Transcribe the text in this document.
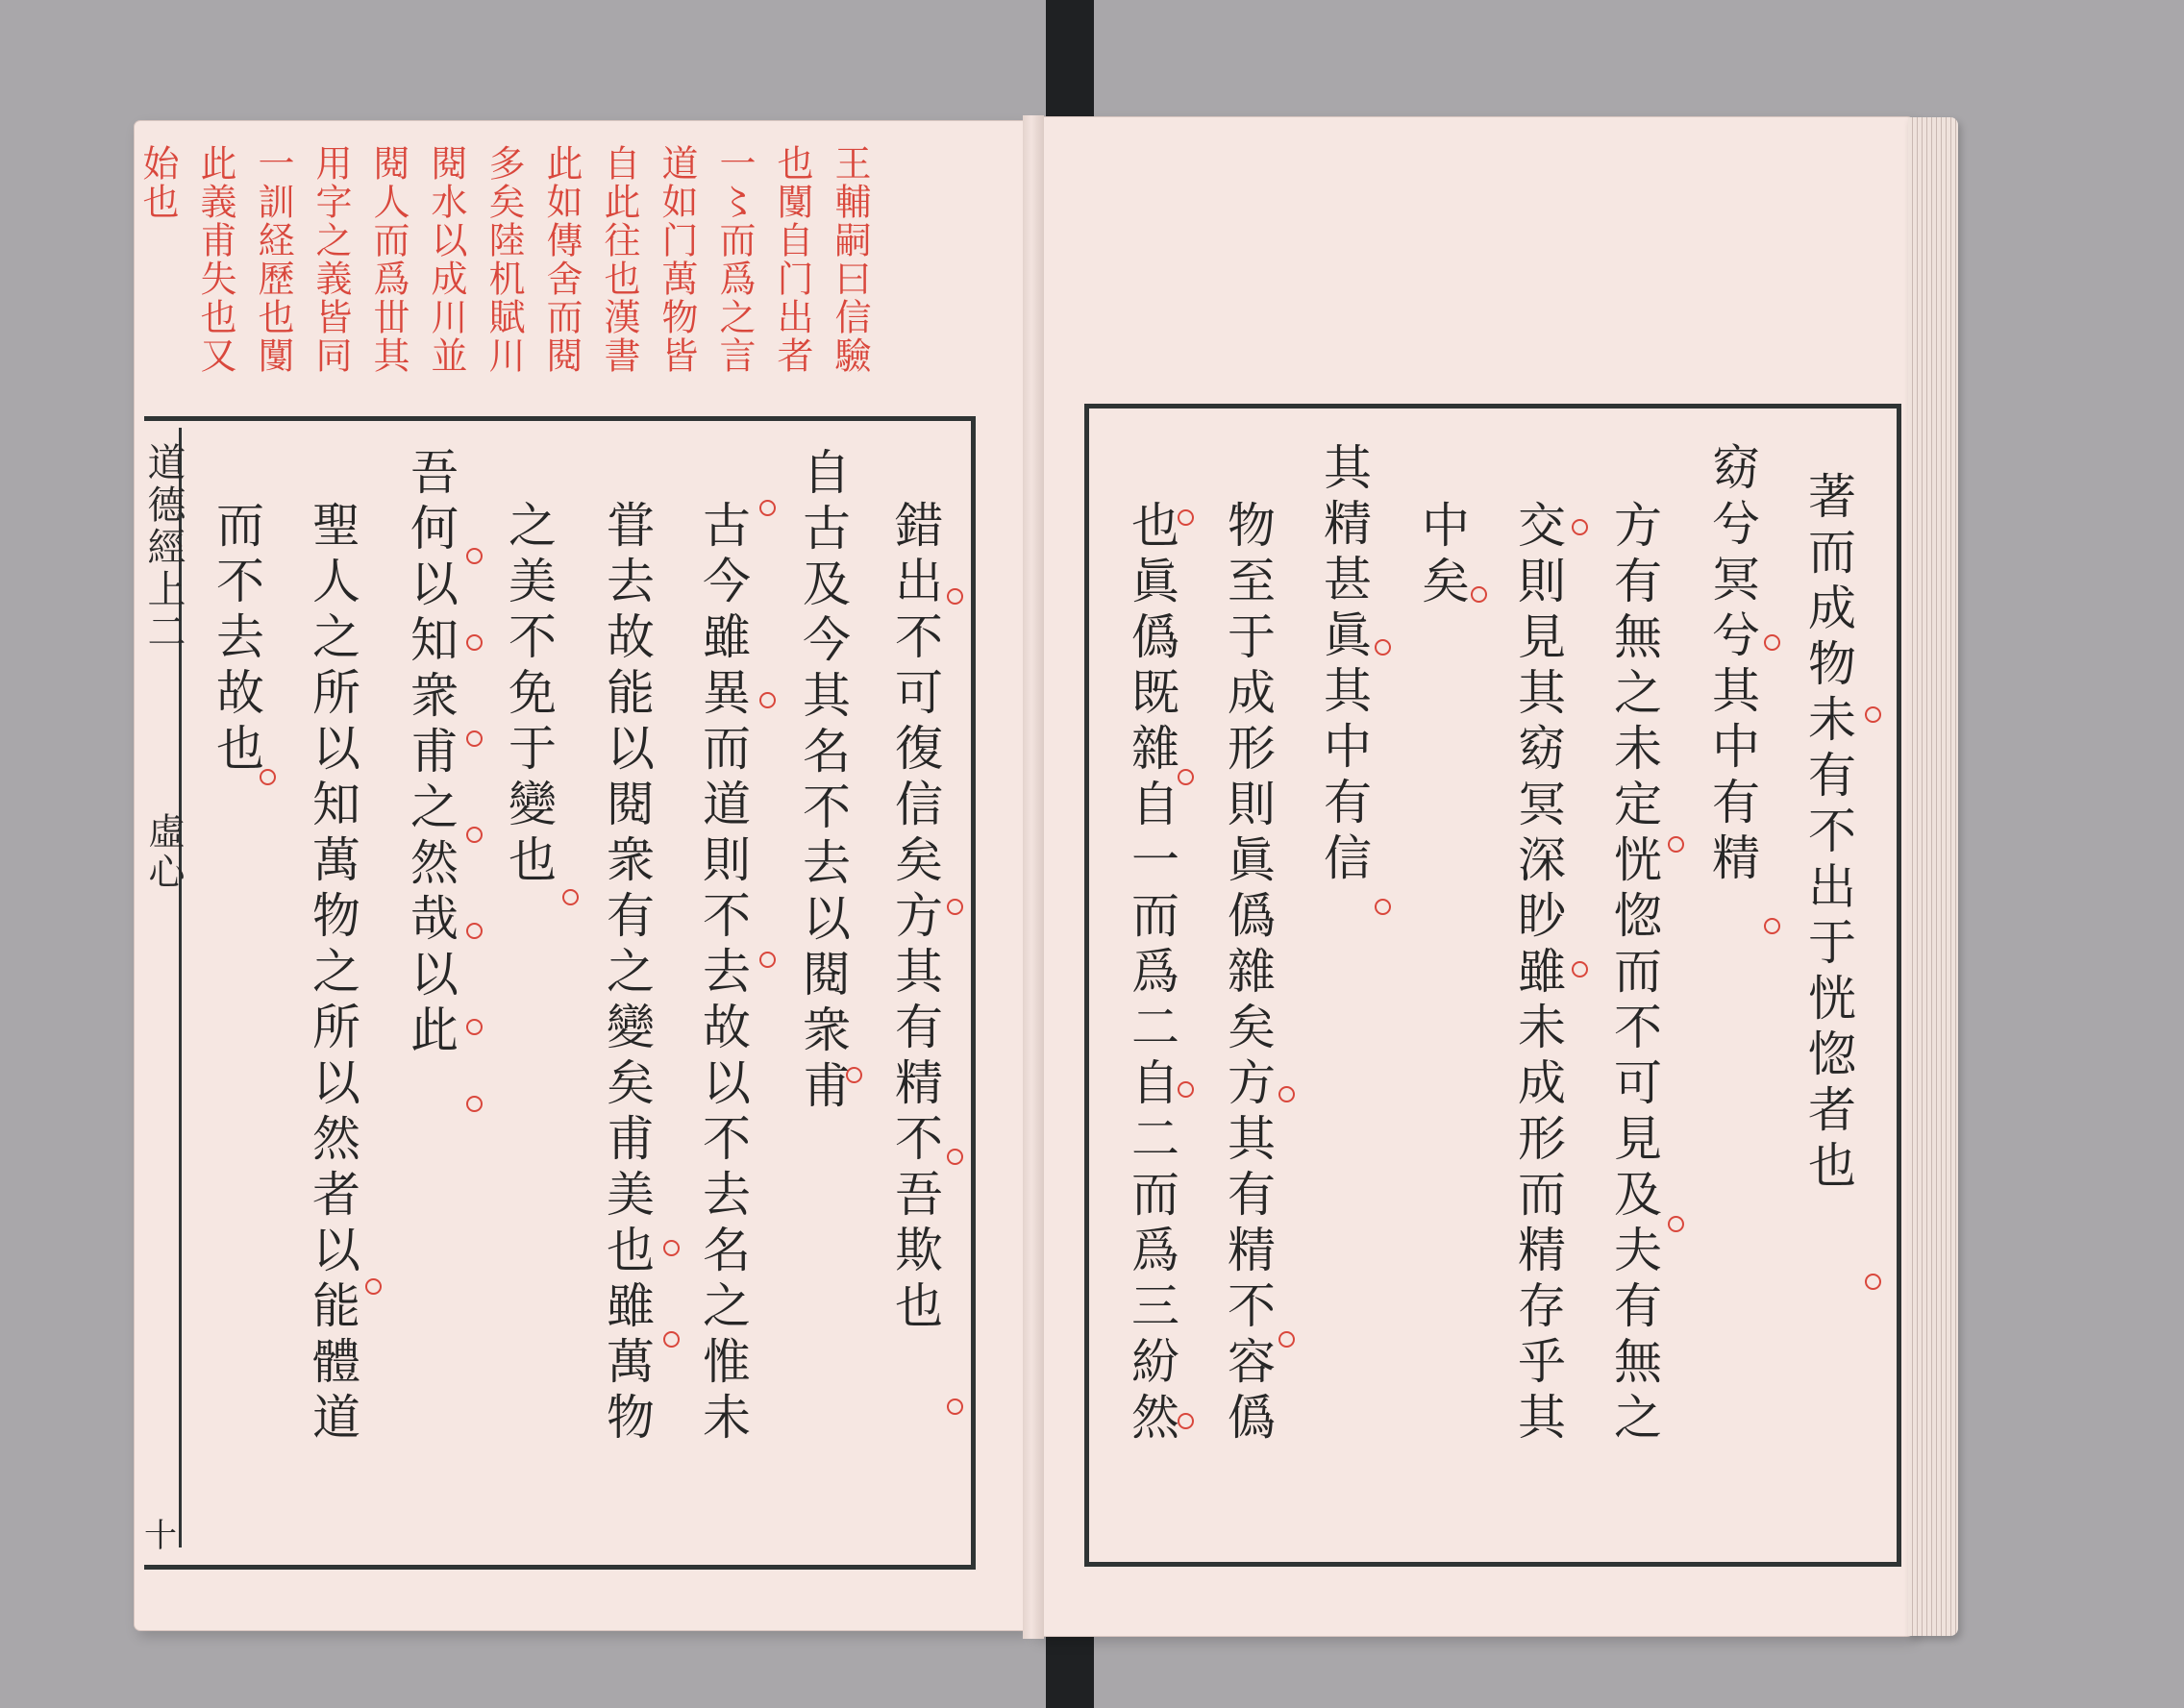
王輔嗣曰信驗
也闅自门出者
一〻而爲之言
道如门萬物皆
自此往也漢書
此如傳舍而閱
多矣陸机賦川
閱水以成川並
閱人而爲丗其
用字之義皆同
一訓経歷也闅
此義甫失也又
始也
道德經上二
虛心
十
錯出不可復信矣方其有精不吾欺也
自古及今其名不去以閱衆甫
古今雖異而道則不去故以不去名之惟未
甞去故能以閱衆有之變矣甫美也雖萬物
之美不免于變也
吾何以知衆甫之然哉以此
聖人之所以知萬物之所以然者以能體道
而不去故也	著而成物未有不出于恍惚者也
窈兮冥兮其中有精
方有無之未定恍惚而不可見及夫有無之
交則見其窈冥深眇雖未成形而精存乎其
中矣
其精甚眞其中有信
物至于成形則眞僞雜矣方其有精不容僞
也眞僞既雜自一而爲二自二而爲三紛然
